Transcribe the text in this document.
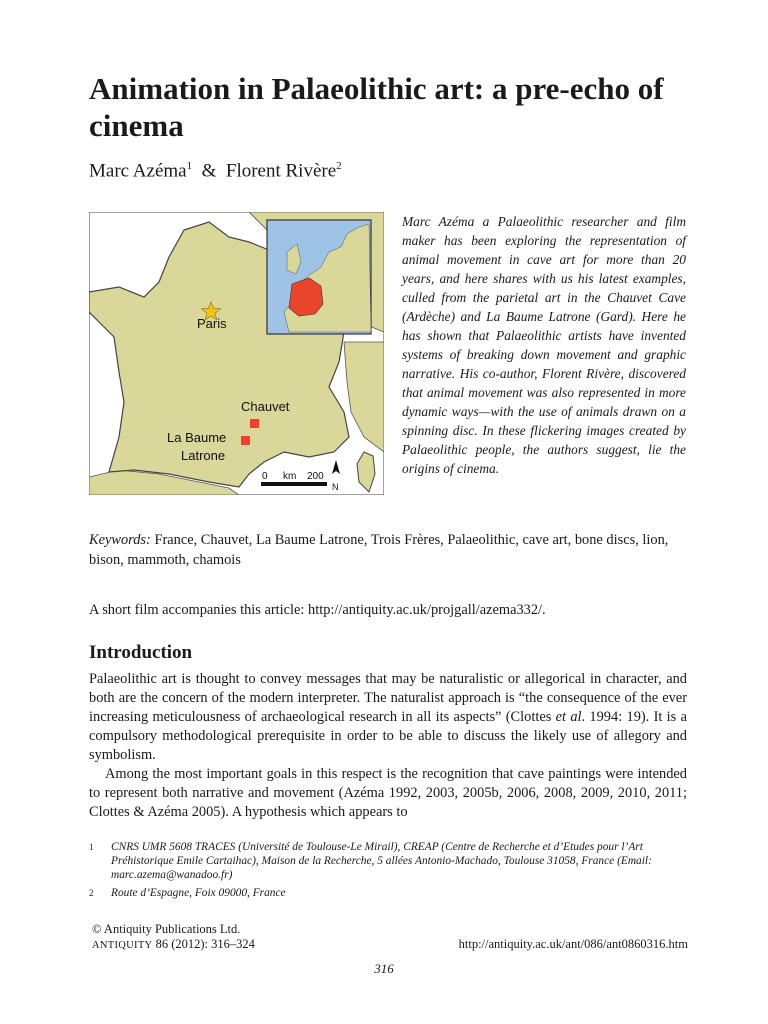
Animation in Palaeolithic art: a pre-echo of cinema
Marc Azéma$^1$ & Florent Rivère$^2$
Paris
Chauvet
La Baume
Latrone
0 km 200
N
Marc Azéma a Palaeolithic researcher and film maker has been exploring the representation of animal movement in cave art for more than 20 years, and here shares with us his latest examples, culled from the parietal art in the Chauvet Cave (Ardèche) and La Baume Latrone (Gard). Here he has shown that Palaeolithic artists have invented systems of breaking down movement and graphic narrative. His co-author, Florent Rivère, discovered that animal movement was also represented in more dynamic ways—with the use of animals drawn on a spinning disc. In these flickering images created by Palaeolithic people, the authors suggest, lie the origins of cinema.
Keywords: France, Chauvet, La Baume Latrone, Trois Frères, Palaeolithic, cave art, bone discs, lion, bison, mammoth, chamois
A short film accompanies this article: http://antiquity.ac.uk/projgall/azema332/.
Introduction

Palaeolithic art is thought to convey messages that may be naturalistic or allegorical in character, and both are the concern of the modern interpreter. The naturalist approach is “the consequence of the ever increasing meticulousness of archaeological research in all its aspects” (Clottes et al. 1994: 19). It is a compulsory methodological prerequisite in order to be able to discuss the likely use of allegory and symbolism.

Among the most important goals in this respect is the recognition that cave paintings were intended to represent both narrative and movement (Azéma 1992, 2003, 2005b, 2006, 2008, 2009, 2010, 2011; Clottes & Azéma 2005). A hypothesis which appears to

1	CNRS UMR 5608 TRACES (Université de Toulouse-Le Mirail), CREAP (Centre de Recherche et d’Etudes pour l’Art Préhistorique Emile Cartaihac), Maison de la Recherche, 5 allées Antonio-Machado, Toulouse 31058, France (Email: marc.azema@wanadoo.fr)
2	Route d’Espagne, Foix 09000, France
© Antiquity Publications Ltd.
ANTIQUITY 86 (2012): 316–324	http://antiquity.ac.uk/ant/086/ant0860316.htm
316
